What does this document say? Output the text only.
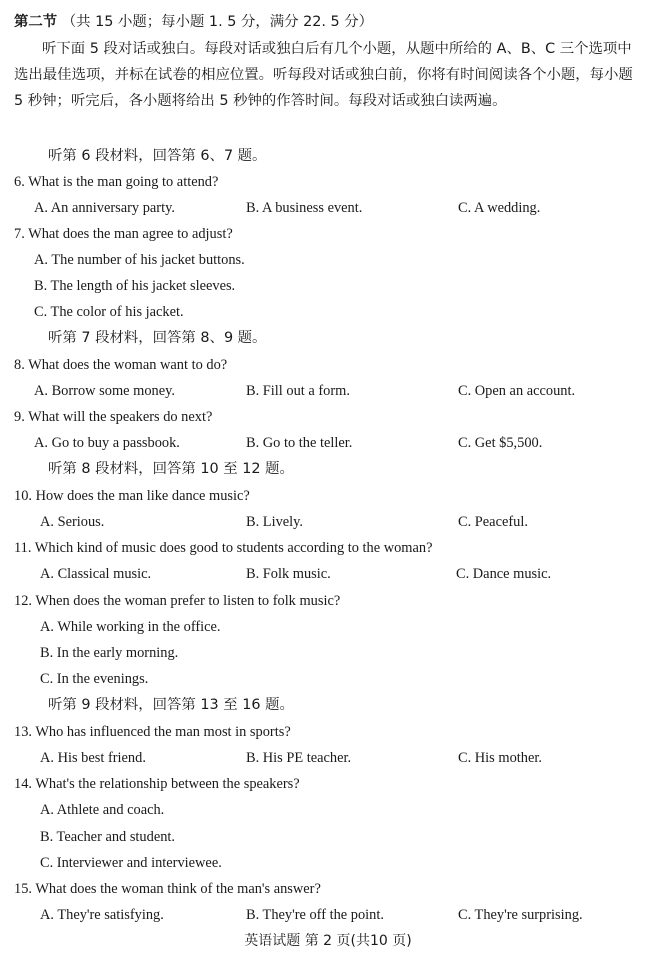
第二节 （共 15 小题；每小题 1. 5 分，满分 22. 5 分）
听下面 5 段对话或独白。每段对话或独白后有几个小题，从题中所给的 A、B、C 三个选项中选出最佳选项，并标在试卷的相应位置。听每段对话或独白前，你将有时间阅读各个小题，每小题 5 秒钟；听完后，各小题将给出 5 秒钟的作答时间。每段对话或独白读两遍。
听第 6 段材料，回答第 6、7 题。
6. What is the man going to attend?
A. An anniversary party.	B. A business event.	C. A wedding.
7. What does the man agree to adjust?
A. The number of his jacket buttons.
B. The length of his jacket sleeves.
C. The color of his jacket.
听第 7 段材料，回答第 8、9 题。
8. What does the woman want to do?
A. Borrow some money.	B. Fill out a form.	C. Open an account.
9. What will the speakers do next?
A. Go to buy a passbook.	B. Go to the teller.	C. Get $5,500.
听第 8 段材料，回答第 10 至 12 题。
10. How does the man like dance music?
A. Serious.	B. Lively.	C. Peaceful.
11. Which kind of music does good to students according to the woman?
A. Classical music.	B. Folk music.	C. Dance music.
12. When does the woman prefer to listen to folk music?
A. While working in the office.
B. In the early morning.
C. In the evenings.
听第 9 段材料，回答第 13 至 16 题。
13. Who has influenced the man most in sports?
A. His best friend.	B. His PE teacher.	C. His mother.
14. What's the relationship between the speakers?
A. Athlete and coach.
B. Teacher and student.
C. Interviewer and interviewee.
15. What does the woman think of the man's answer?
A. They're satisfying.	B. They're off the point.	C. They're surprising.
英语试题 第 2 页(共10 页)
